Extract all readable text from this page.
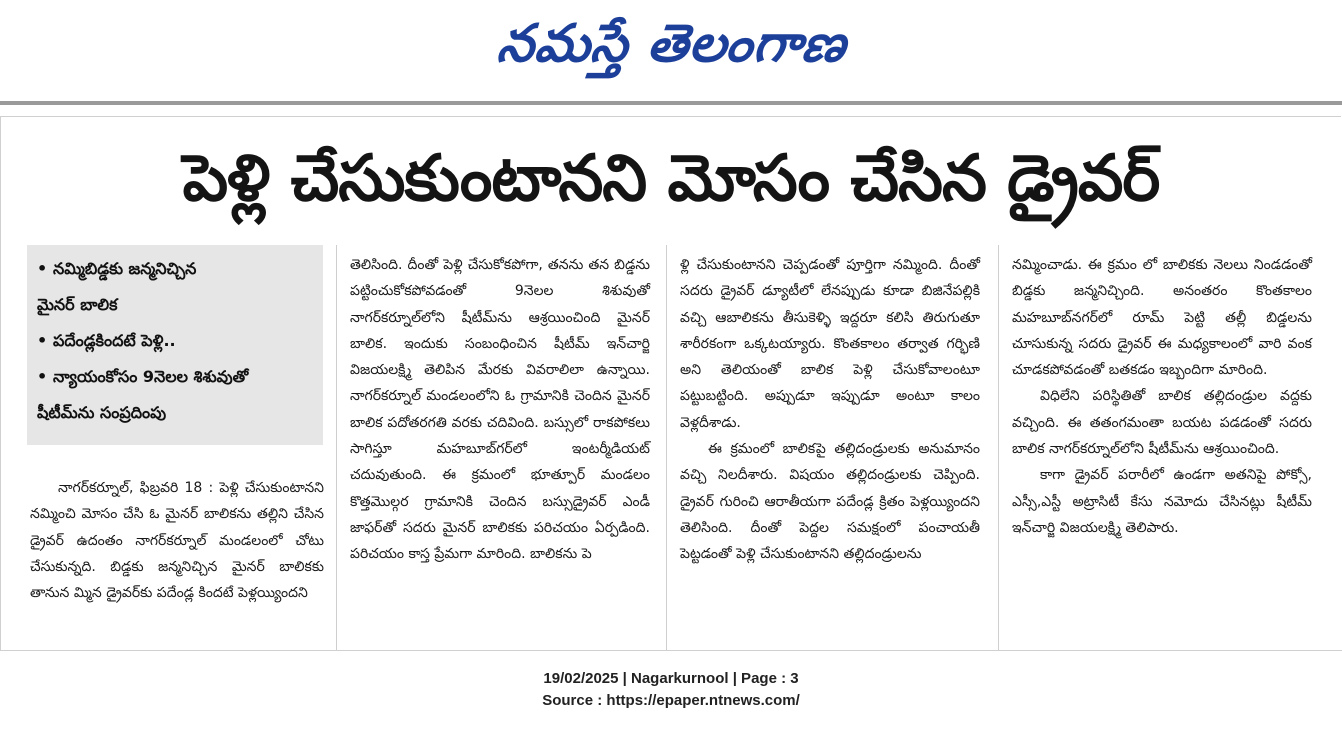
నమస్తే తెలంగాణ
పెళ్లి చేసుకుంటానని మోసం చేసిన డ్రైవర్
• నమ్మిబిడ్డకు జన్మనిచ్చిన
మైనర్ బాలిక
• పదేండ్లకిందటే పెళ్లి..
• న్యాయంకోసం 9నెలల శిశువుతో
షీటీమ్‌ను సంప్రదింపు

నాగర్‌కర్నూల్, ఫిబ్రవరి 18 : పెళ్లి చేసుకుంటానని నమ్మించి మోసం చేసి ఓ మైనర్ బాలికను తల్లిని చేసిన డ్రైవర్ ఉదంతం నాగర్‌కర్నూల్ మండలంలో చోటు చేసుకున్నది. బిడ్డకు జన్మనిచ్చిన మైనర్ బాలికకు తానున మ్మిన డ్రైవర్‌కు పదేండ్ల కిందటే పెళ్లయ్యిందని

తెలిసింది. దీంతో పెళ్లి చేసుకోకపోగా, తనను తన బిడ్డను పట్టించుకోకపోవడంతో 9నెలల శిశువుతో నాగర్‌కర్నూల్‌లోని షీటీమ్‌ను ఆశ్రయించింది మైనర్ బాలిక. ఇందుకు సంబంధించిన షీటీమ్ ఇన్‌చార్జి విజయలక్ష్మి తెలిపిన మేరకు వివరాలిలా ఉన్నాయి. నాగర్‌కర్నూల్ మండలంలోని ఓ గ్రామానికి చెందిన మైనర్ బాలిక పదోతరగతి వరకు చదివింది. బస్సులో రాకపోకలు సాగిస్తూ మహబూబ్‌గర్‌లో ఇంటర్మీడియట్ చదువుతుంది. ఈ క్రమంలో భూత్పూర్ మండలం కొత్తమొల్గర గ్రామానికి చెందిన బస్సుడ్రైవర్ ఎండీ జాఫర్‌తో సదరు మైనర్ బాలికకు పరిచయం ఏర్పడింది. పరిచయం కాస్త ప్రేమగా మారింది. బాలికను పె

ళ్లి చేసుకుంటానని చెప్పడంతో పూర్తిగా నమ్మింది. దీంతో సదరు డ్రైవర్ డ్యూటీలో లేనప్పుడు కూడా బిజినేపల్లికి వచ్చి ఆబాలికను తీసుకెళ్ళి ఇద్దరూ కలిసి తిరుగుతూ శారీరకంగా ఒక్కటయ్యారు. కొంతకాలం తర్వాత గర్భిణి అని తెలియంతో బాలిక పెళ్లి చేసుకోవాలంటూ పట్టుబట్టింది. అప్పుడూ ఇప్పుడూ అంటూ కాలం వెళ్లదీశాడు.

ఈ క్రమంలో బాలికపై తల్లిదండ్రులకు అనుమానం వచ్చి నిలదీశారు. విషయం తల్లిదండ్రులకు చెప్పింది. డ్రైవర్ గురించి ఆరాతీయగా పదేండ్ల క్రితం పెళ్లయ్యిందని తెలిసింది. దీంతో పెద్దల సమక్షంలో పంచాయతీ పెట్టడంతో పెళ్లి చేసుకుంటానని తల్లిదండ్రులను

నమ్మించాడు. ఈ క్రమం లో బాలికకు నెలలు నిండడంతో బిడ్డకు జన్మనిచ్చింది. అనంతరం కొంతకాలం మహబూబ్‌నగర్‌లో రూమ్ పెట్టి తల్లీ బిడ్డలను చూసుకున్న సదరు డ్రైవర్ ఈ మధ్యకాలంలో వారి వంక చూడకపోవడంతో బతకడం ఇబ్బందిగా మారింది.

విధిలేని పరిస్థితితో బాలిక తల్లిదండ్రుల వద్దకు వచ్చింది. ఈ తతంగమంతా బయట పడడంతో సదరు బాలిక నాగర్‌కర్నూల్‌లోని షీటీమ్‌ను ఆశ్రయించింది.

కాగా డ్రైవర్ పరారీలో ఉండగా అతనిపై పోక్సో, ఎస్సీ,ఎస్టీ అట్రాసిటీ కేసు నమోదు చేసినట్లు షీటీమ్ ఇన్‌చార్జి విజయలక్ష్మి తెలిపారు.

19/02/2025 | Nagarkurnool | Page : 3
Source : https://epaper.ntnews.com/
